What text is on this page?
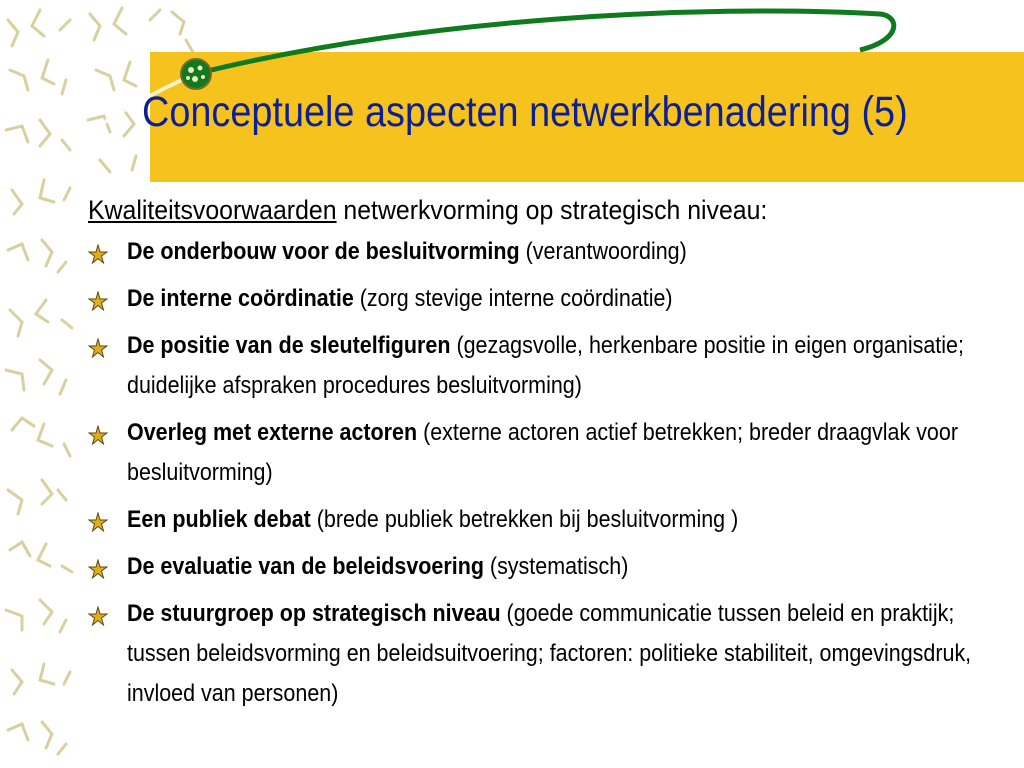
Conceptuele aspecten netwerkbenadering (5)
Kwaliteitsvoorwaarden netwerkvorming op strategisch niveau:
De onderbouw voor de besluitvorming (verantwoording)
De interne coördinatie (zorg stevige interne coördinatie)
De positie van de sleutelfiguren (gezagsvolle, herkenbare positie in eigen organisatie; duidelijke afspraken procedures besluitvorming)
Overleg met externe actoren (externe actoren actief betrekken; breder draagvlak voor besluitvorming)
Een publiek debat (brede publiek betrekken bij besluitvorming )
De evaluatie van de beleidsvoering (systematisch)
De stuurgroep op strategisch niveau (goede communicatie tussen beleid en praktijk; tussen beleidsvorming en beleidsuitvoering; factoren: politieke stabiliteit, omgevingsdruk, invloed van personen)
